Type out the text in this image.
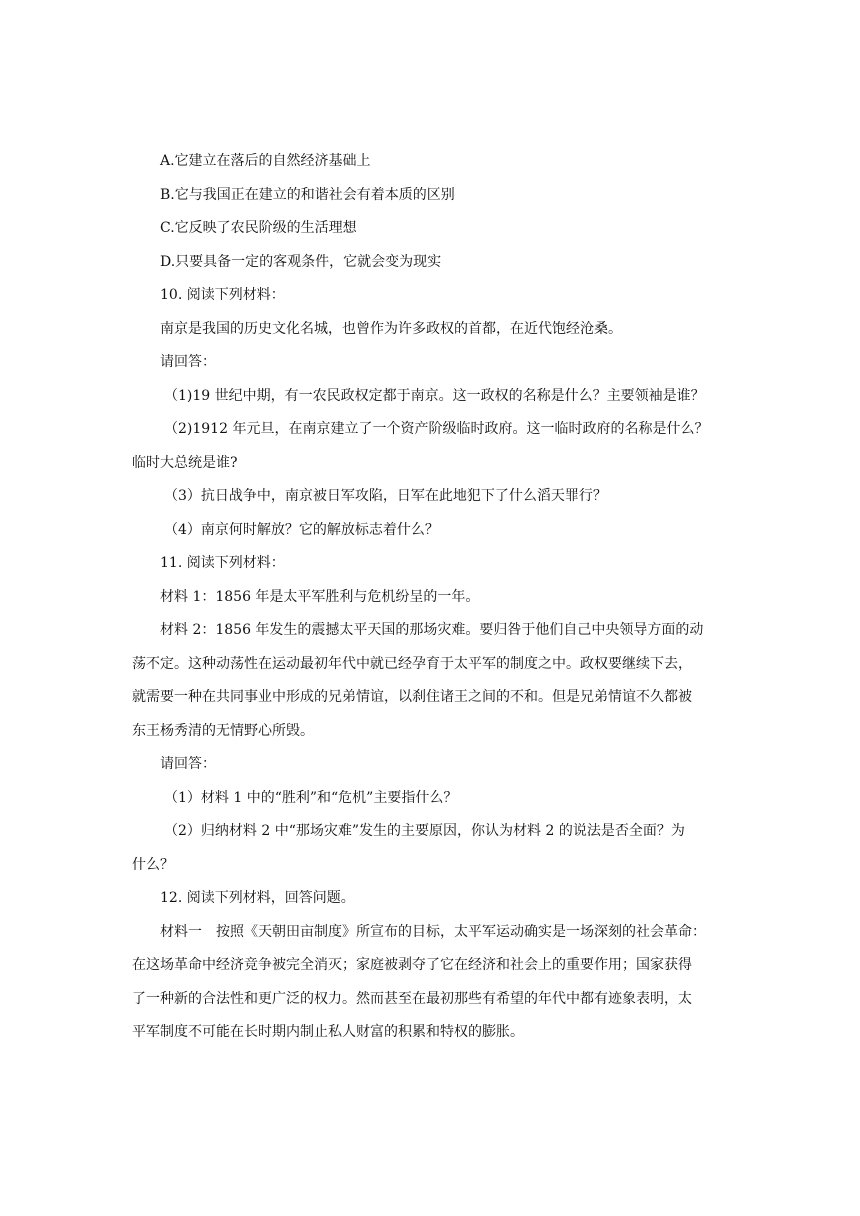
A.它建立在落后的自然经济基础上

B.它与我国正在建立的和谐社会有着本质的区别

C.它反映了农民阶级的生活理想

D.只要具备一定的客观条件，它就会变为现实

10. 阅读下列材料：

南京是我国的历史文化名城，也曾作为许多政权的首都，在近代饱经沧桑。

请回答：

（1)19 世纪中期，有一农民政权定都于南京。这一政权的名称是什么？主要领袖是谁？

（2)1912 年元旦，在南京建立了一个资产阶级临时政府。这一临时政府的名称是什么？

临时大总统是谁?

（3）抗日战争中，南京被日军攻陷，日军在此地犯下了什么滔天罪行？

（4）南京何时解放？它的解放标志着什么？

11. 阅读下列材料：

材料 1：1856 年是太平军胜利与危机纷呈的一年。

材料 2：1856 年发生的震撼太平天国的那场灾难。要归咎于他们自己中央领导方面的动

荡不定。这种动荡性在运动最初年代中就已经孕育于太平军的制度之中。政权要继续下去，

就需要一种在共同事业中形成的兄弟情谊，以刹住诸王之间的不和。但是兄弟情谊不久都被

东王杨秀清的无情野心所毁。

请回答：

（1）材料 1 中的“胜利”和“危机”主要指什么？

（2）归纳材料 2 中“那场灾难”发生的主要原因，你认为材料 2 的说法是否全面？为

什么？

12. 阅读下列材料，回答问题。

材料一　按照《天朝田亩制度》所宣布的目标，太平军运动确实是一场深刻的社会革命：

在这场革命中经济竞争被完全消灭；家庭被剥夺了它在经济和社会上的重要作用；国家获得

了一种新的合法性和更广泛的权力。然而甚至在最初那些有希望的年代中都有迹象表明，太

平军制度不可能在长时期内制止私人财富的积累和特权的膨胀。
